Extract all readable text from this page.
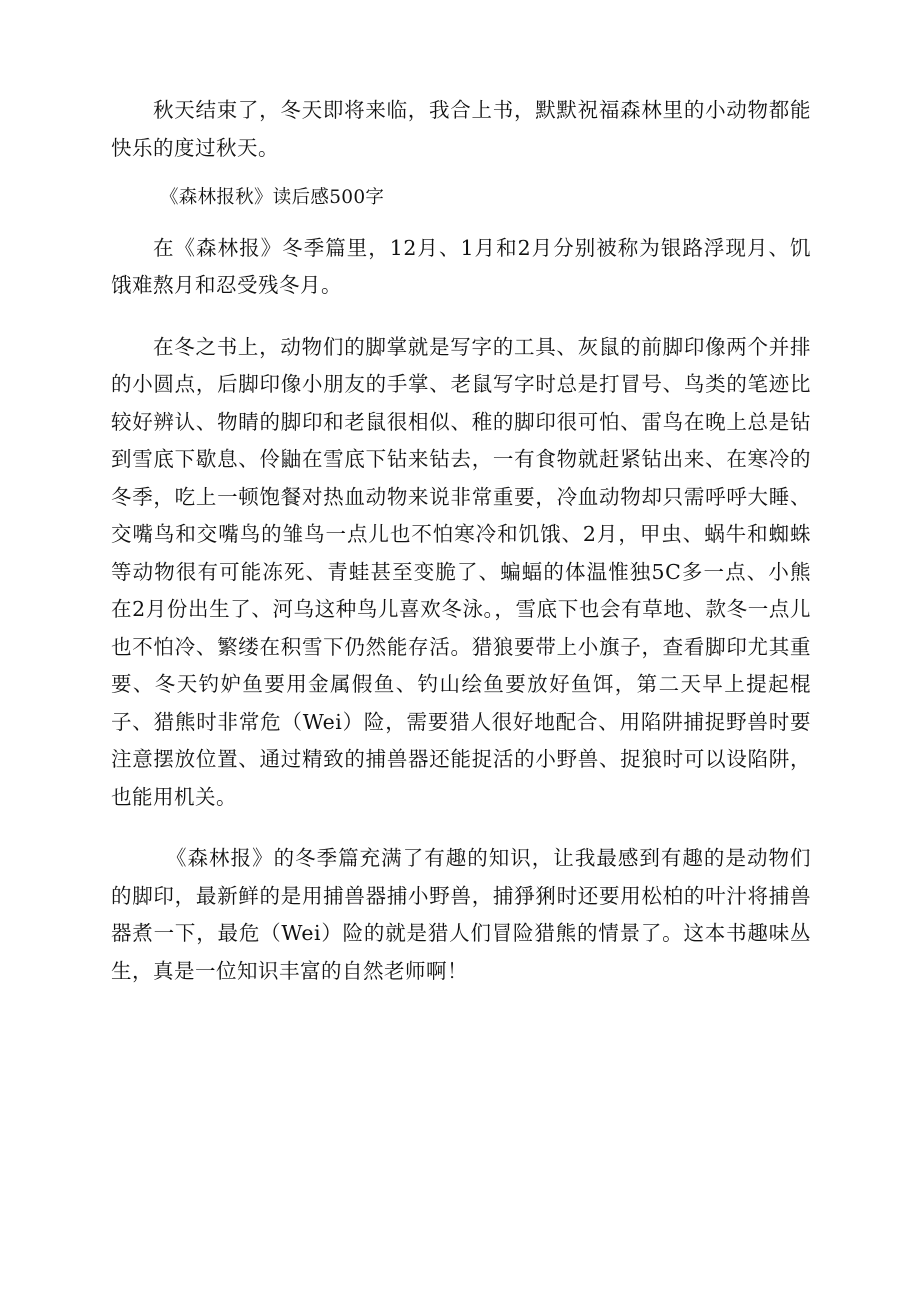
秋天结束了，冬天即将来临，我合上书，默默祝福森林里的小动物都能快乐的度过秋天。

《森林报秋》读后感500字

在《森林报》冬季篇里，12月、1月和2月分别被称为银路浮现月、饥饿难熬月和忍受残冬月。

在冬之书上，动物们的脚掌就是写字的工具、灰鼠的前脚印像两个并排的小圆点，后脚印像小朋友的手掌、老鼠写字时总是打冒号、鸟类的笔迹比较好辨认、物睛的脚印和老鼠很相似、稚的脚印很可怕、雷鸟在晚上总是钻到雪底下歇息、伶鼬在雪底下钻来钻去，一有食物就赶紧钻出来、在寒冷的冬季，吃上一顿饱餐对热血动物来说非常重要，冷血动物却只需呼呼大睡、交嘴鸟和交嘴鸟的雏鸟一点儿也不怕寒冷和饥饿、2月，甲虫、蜗牛和蜘蛛等动物很有可能冻死、青蛙甚至变脆了、蝙蝠的体温惟独5C多一点、小熊在2月份出生了、河乌这种鸟儿喜欢冬泳。，雪底下也会有草地、款冬一点儿也不怕冷、繁缕在积雪下仍然能存活。猎狼要带上小旗子，查看脚印尤其重要、冬天钓妒鱼要用金属假鱼、钓山绘鱼要放好鱼饵，第二天早上提起棍子、猎熊时非常危（Wei）险，需要猎人很好地配合、用陷阱捕捉野兽时要注意摆放位置、通过精致的捕兽器还能捉活的小野兽、捉狼时可以设陷阱，也能用机关。

《森林报》的冬季篇充满了有趣的知识，让我最感到有趣的是动物们的脚印，最新鲜的是用捕兽器捕小野兽，捕猙猁时还要用松柏的叶汁将捕兽器煮一下，最危（Wei）险的就是猎人们冒险猎熊的情景了。这本书趣味丛生，真是一位知识丰富的自然老师啊！
